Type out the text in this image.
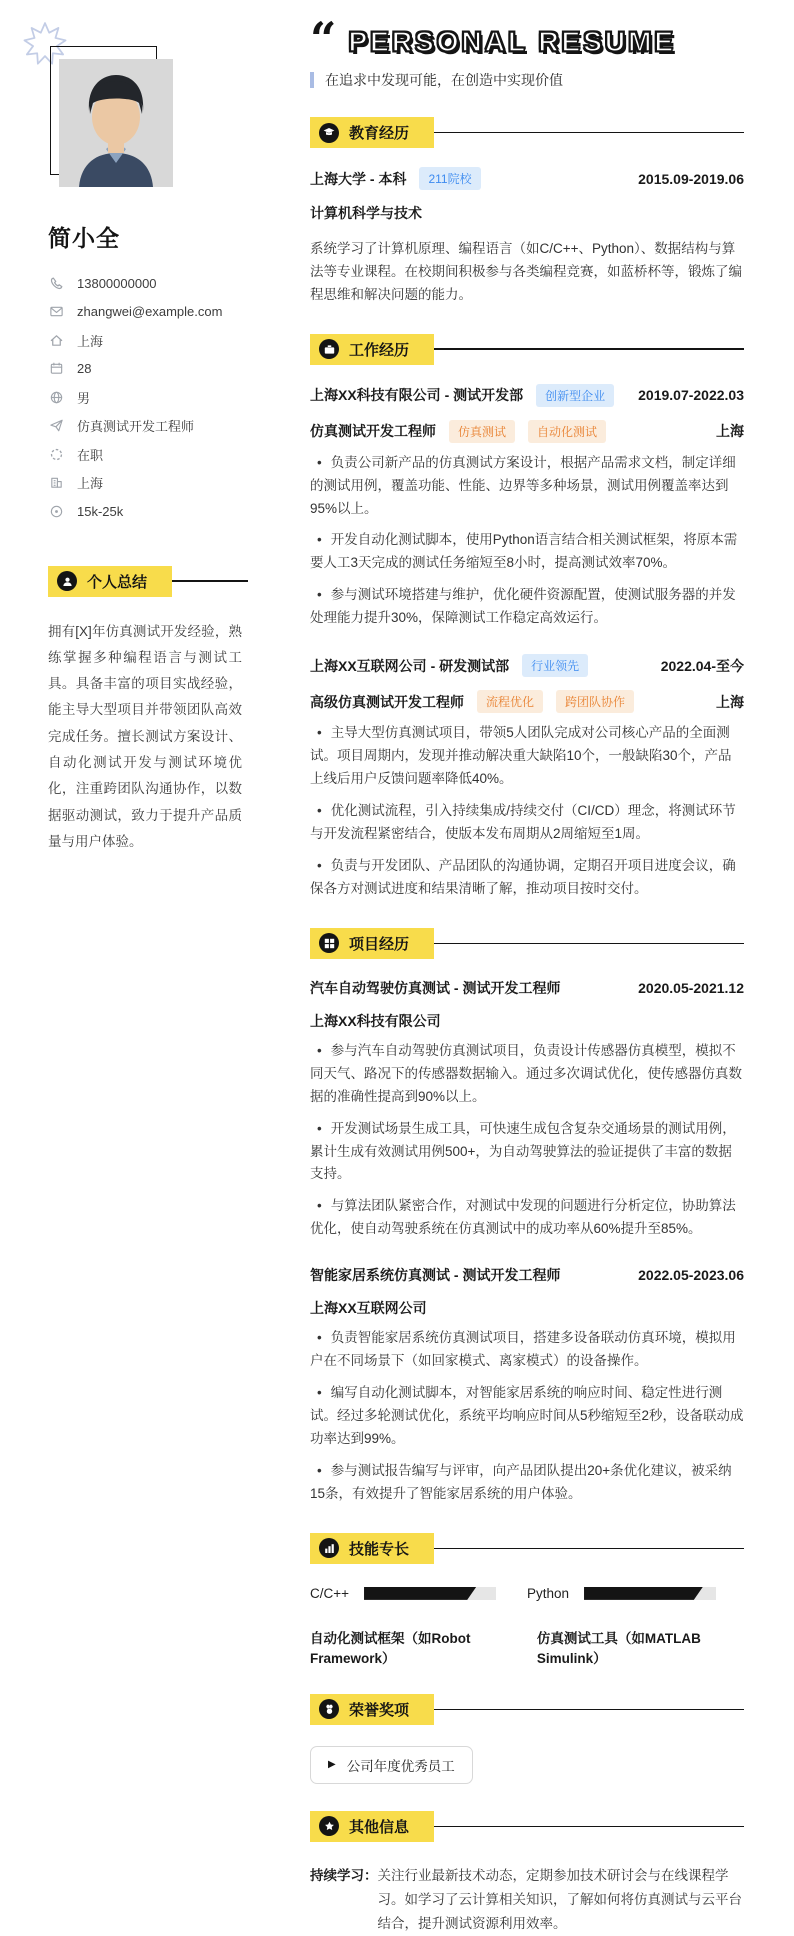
简小全
13800000000
zhangwei@example.com
上海
28
男
仿真测试开发工程师
在职
上海
15k-25k
个人总结

拥有[X]年仿真测试开发经验，熟练掌握多种编程语言与测试工具。具备丰富的项目实战经验，能主导大型项目并带领团队高效完成任务。擅长测试方案设计、自动化测试开发与测试环境优化，注重跨团队沟通协作，以数据驱动测试，致力于提升产品质量与用户体验。

“ PERSONAL RESUME
在追求中发现可能，在创造中实现价值
教育经历
上海大学 - 本科	211院校	2015.09-2019.06
计算机科学与技术

系统学习了计算机原理、编程语言（如C/C++、Python）、数据结构与算法等专业课程。在校期间积极参与各类编程竞赛，如蓝桥杯等，锻炼了编程思维和解决问题的能力。

工作经历
上海XX科技有限公司 - 测试开发部	创新型企业	2019.07-2022.03
仿真测试开发工程师	仿真测试	自动化测试	上海
• 负责公司新产品的仿真测试方案设计，根据产品需求文档，制定详细的测试用例，覆盖功能、性能、边界等多种场景，测试用例覆盖率达到95%以上。
• 开发自动化测试脚本，使用Python语言结合相关测试框架，将原本需要人工3天完成的测试任务缩短至8小时，提高测试效率70%。
• 参与测试环境搭建与维护，优化硬件资源配置，使测试服务器的并发处理能力提升30%，保障测试工作稳定高效运行。
上海XX互联网公司 - 研发测试部	行业领先	2022.04-至今
高级仿真测试开发工程师	流程优化	跨团队协作	上海
• 主导大型仿真测试项目，带领5人团队完成对公司核心产品的全面测试。项目周期内，发现并推动解决重大缺陷10个，一般缺陷30个，产品上线后用户反馈问题率降低40%。
• 优化测试流程，引入持续集成/持续交付（CI/CD）理念，将测试环节与开发流程紧密结合，使版本发布周期从2周缩短至1周。
• 负责与开发团队、产品团队的沟通协调，定期召开项目进度会议，确保各方对测试进度和结果清晰了解，推动项目按时交付。
项目经历
汽车自动驾驶仿真测试 - 测试开发工程师	2020.05-2021.12
上海XX科技有限公司
• 参与汽车自动驾驶仿真测试项目，负责设计传感器仿真模型，模拟不同天气、路况下的传感器数据输入。通过多次调试优化，使传感器仿真数据的准确性提高到90%以上。
• 开发测试场景生成工具，可快速生成包含复杂交通场景的测试用例，累计生成有效测试用例500+，为自动驾驶算法的验证提供了丰富的数据支持。
• 与算法团队紧密合作，对测试中发现的问题进行分析定位，协助算法优化，使自动驾驶系统在仿真测试中的成功率从60%提升至85%。
智能家居系统仿真测试 - 测试开发工程师	2022.05-2023.06
上海XX互联网公司
• 负责智能家居系统仿真测试项目，搭建多设备联动仿真环境，模拟用户在不同场景下（如回家模式、离家模式）的设备操作。
• 编写自动化测试脚本，对智能家居系统的响应时间、稳定性进行测试。经过多轮测试优化，系统平均响应时间从5秒缩短至2秒，设备联动成功率达到99%。
• 参与测试报告编写与评审，向产品团队提出20+条优化建议，被采纳15条，有效提升了智能家居系统的用户体验。
技能专长
C/C++	Python
自动化测试框架（如Robot Framework）
仿真测试工具（如MATLAB Simulink）
荣誉奖项
▶ 公司年度优秀员工
其他信息
持续学习： 关注行业最新技术动态，定期参加技术研讨会与在线课程学习。如学习了云计算相关知识，了解如何将仿真测试与云平台结合，提升测试资源利用效率。
